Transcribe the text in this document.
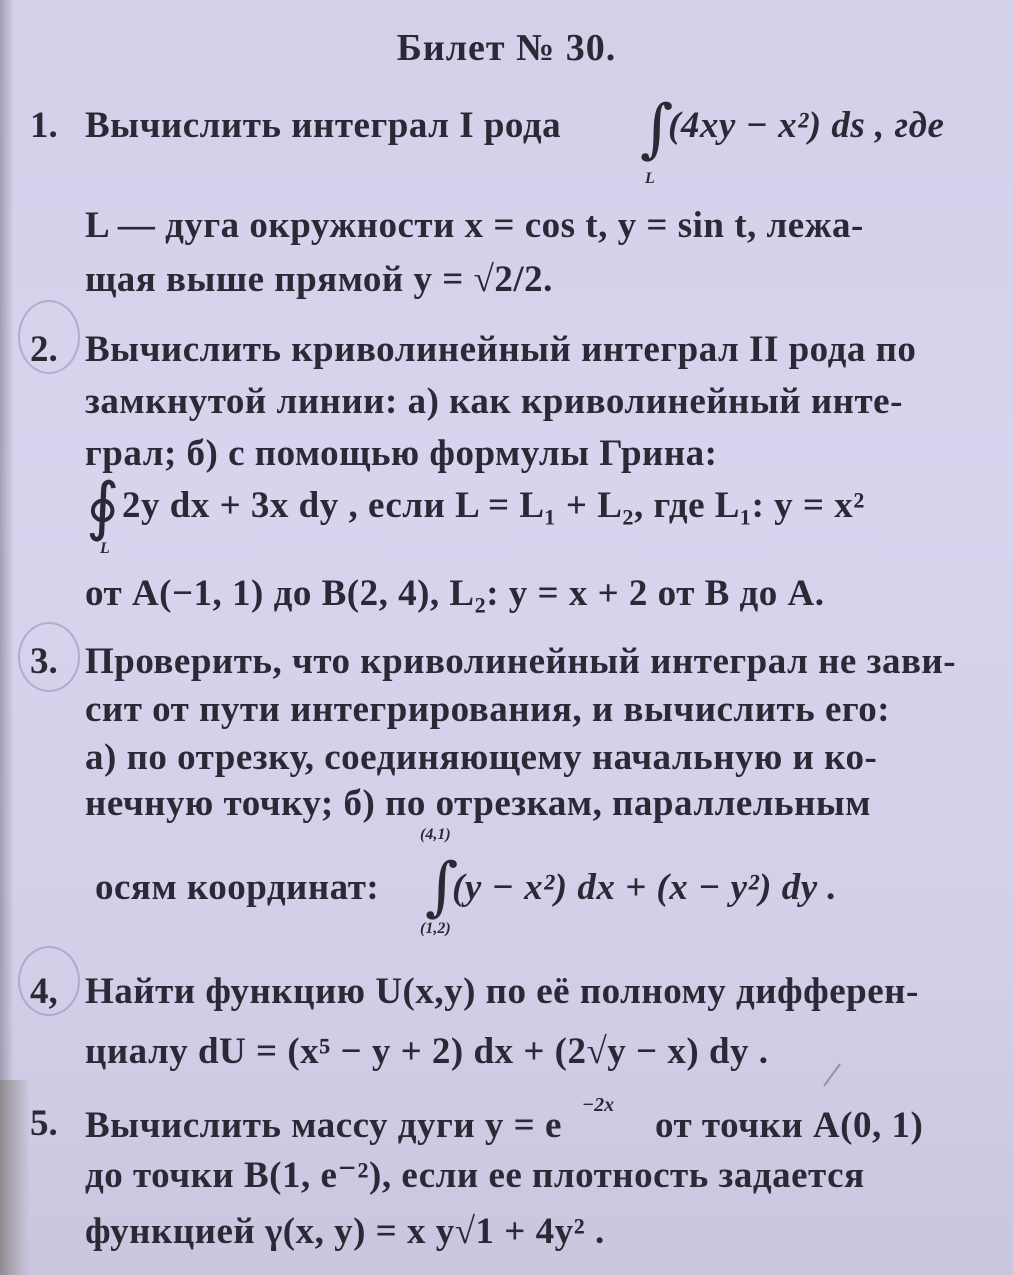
Билет № 30.
1. Вычислить интеграл I рода ∫
L
(4xy − x²) ds , где
L — дуга окружности x = cos t, y = sin t, лежа-
щая выше прямой y = √2/2.
2. Вычислить криволинейный интеграл II рода по
замкнутой линии: а) как криволинейный инте-
грал; б) с помощью формулы Грина:
∮
L
2y dx + 3x dy , если L = L₁ + L₂, где L₁: y = x²
от A(−1, 1) до B(2, 4), L₂: y = x + 2 от B до A.
3. Проверить, что криволинейный интеграл не зави-
сит от пути интегрирования, и вычислить его:
а) по отрезку, соединяющему начальную и ко-
нечную точку; б) по отрезкам, параллельным
(4,1)
осям координат: ∫
(y − x²) dx + (x − y²) dy .
(1,2)
4, Найти функцию U(x,y) по её полному дифферен-
циалу dU = (x⁵ − y + 2) dx + (2√y − x) dy .
5. Вычислить массу дуги y = e −2x от точки A(0, 1)
до точки B(1, e⁻²), если ее плотность задается
функцией γ(x, y) = x y√1 + 4y² .
